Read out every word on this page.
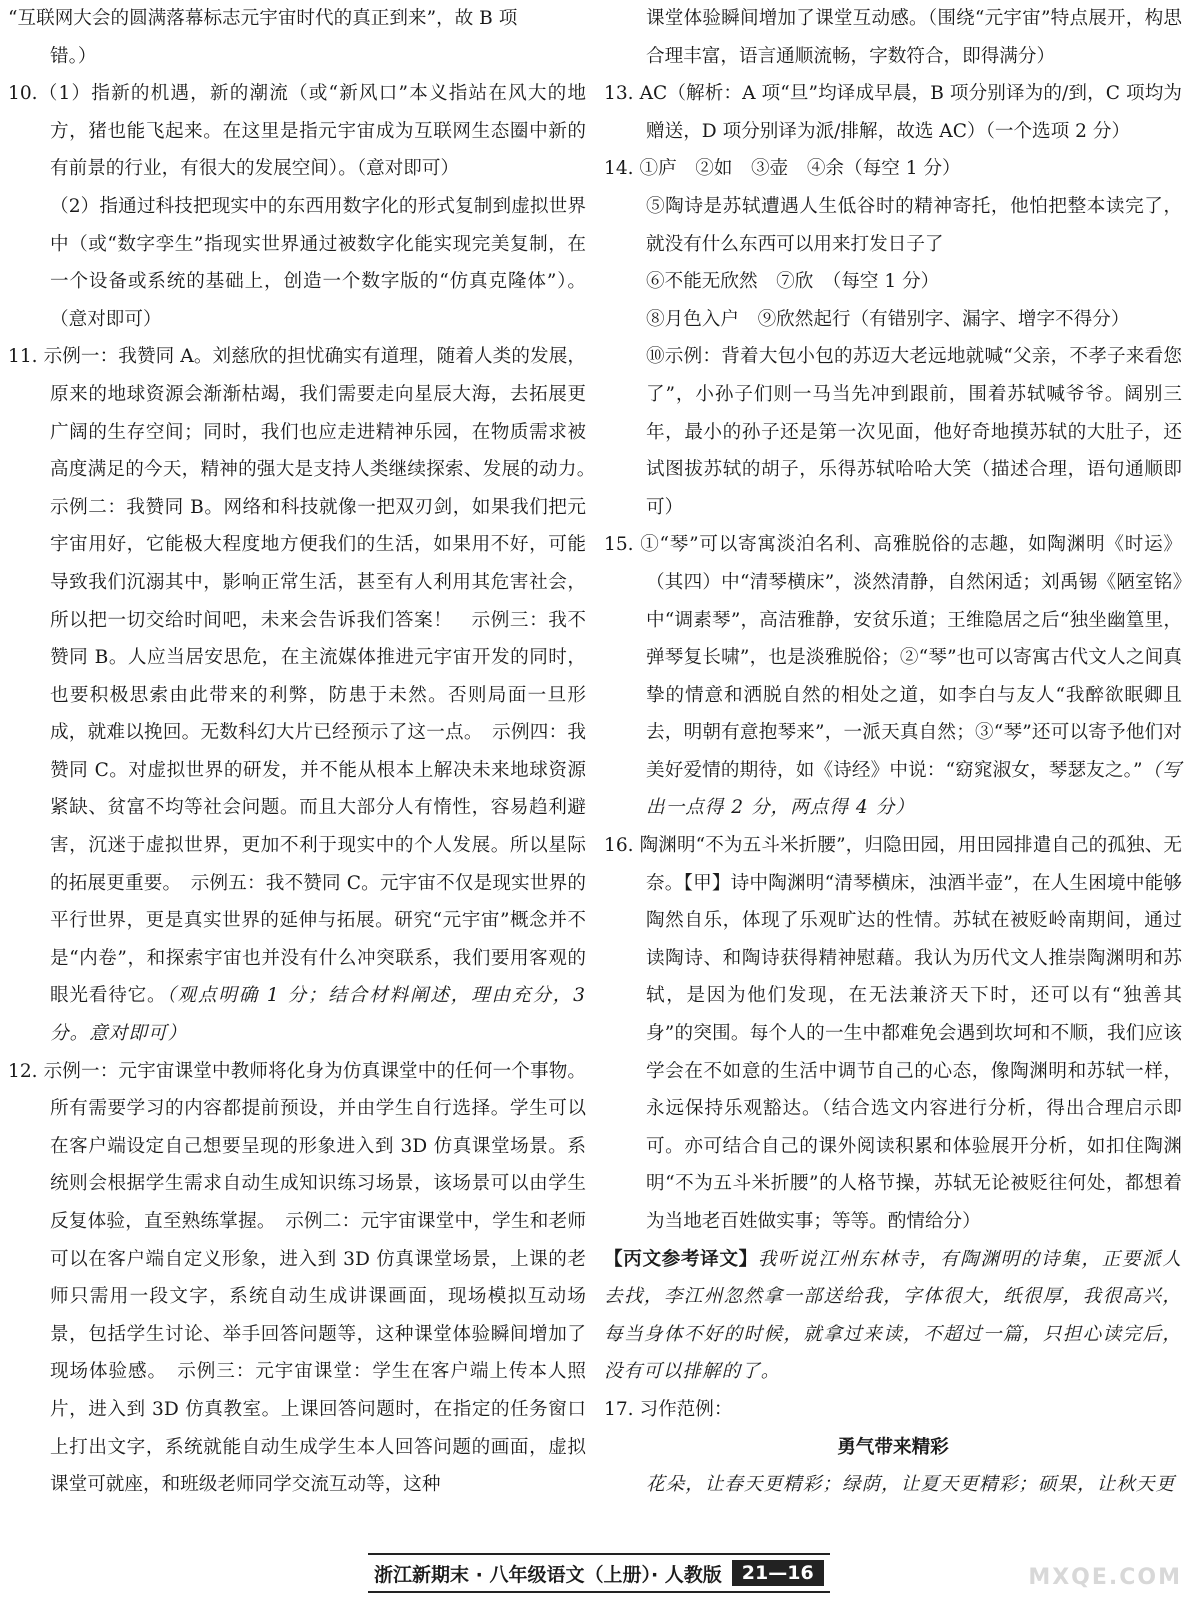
“互联网大会的圆满落幕标志元宇宙时代的真正到来”，故 B 项

错。）

10.（1）指新的机遇，新的潮流（或“新风口”本义指站在风大的地方，猪也能飞起来。在这里是指元宇宙成为互联网生态圈中新的有前景的行业，有很大的发展空间）。（意对即可）

（2）指通过科技把现实中的东西用数字化的形式复制到虚拟世界中（或“数字孪生”指现实世界通过被数字化能实现完美复制，在一个设备或系统的基础上，创造一个数字版的“仿真克隆体”）。（意对即可）

11. 示例一：我赞同 A。刘慈欣的担忧确实有道理，随着人类的发展，原来的地球资源会渐渐枯竭，我们需要走向星辰大海，去拓展更广阔的生存空间；同时，我们也应走进精神乐园，在物质需求被高度满足的今天，精神的强大是支持人类继续探索、发展的动力。　示例二：我赞同 B。网络和科技就像一把双刃剑，如果我们把元宇宙用好，它能极大程度地方便我们的生活，如果用不好，可能导致我们沉溺其中，影响正常生活，甚至有人利用其危害社会，所以把一切交给时间吧，未来会告诉我们答案！　示例三：我不赞同 B。人应当居安思危，在主流媒体推进元宇宙开发的同时，也要积极思索由此带来的利弊，防患于未然。否则局面一旦形成，就难以挽回。无数科幻大片已经预示了这一点。　示例四：我赞同 C。对虚拟世界的研发，并不能从根本上解决未来地球资源紧缺、贫富不均等社会问题。而且大部分人有惰性，容易趋利避害，沉迷于虚拟世界，更加不利于现实中的个人发展。所以星际的拓展更重要。　示例五：我不赞同 C。元宇宙不仅是现实世界的平行世界，更是真实世界的延伸与拓展。研究“元宇宙”概念并不是“内卷”，和探索宇宙也并没有什么冲突联系，我们要用客观的眼光看待它。（观点明确 1 分；结合材料阐述，理由充分，3 分。意对即可）

12. 示例一：元宇宙课堂中教师将化身为仿真课堂中的任何一个事物。所有需要学习的内容都提前预设，并由学生自行选择。学生可以在客户端设定自己想要呈现的形象进入到 3D 仿真课堂场景。系统则会根据学生需求自动生成知识练习场景，该场景可以由学生反复体验，直至熟练掌握。　示例二：元宇宙课堂中，学生和老师可以在客户端自定义形象，进入到 3D 仿真课堂场景，上课的老师只需用一段文字，系统自动生成讲课画面，现场模拟互动场景，包括学生讨论、举手回答问题等，这种课堂体验瞬间增加了现场体验感。　示例三：元宇宙课堂：学生在客户端上传本人照片，进入到 3D 仿真教室。上课回答问题时，在指定的任务窗口上打出文字，系统就能自动生成学生本人回答问题的画面，虚拟课堂可就座，和班级老师同学交流互动等，这种

课堂体验瞬间增加了课堂互动感。（围绕“元宇宙”特点展开，构思合理丰富，语言通顺流畅，字数符合，即得满分）

13. AC（解析：A 项“旦”均译成早晨，B 项分别译为的/到，C 项均为赠送，D 项分别译为派/排解，故选 AC）（一个选项 2 分）

14. ①庐　②如　③壶　④余（每空 1 分）

⑤陶诗是苏轼遭遇人生低谷时的精神寄托，他怕把整本读完了，就没有什么东西可以用来打发日子了

⑥不能无欣然　⑦欣　（每空 1 分）

⑧月色入户　⑨欣然起行（有错别字、漏字、增字不得分）

⑩示例：背着大包小包的苏迈大老远地就喊“父亲，不孝子来看您了”，小孙子们则一马当先冲到跟前，围着苏轼喊爷爷。阔别三年，最小的孙子还是第一次见面，他好奇地摸苏轼的大肚子，还试图拔苏轼的胡子，乐得苏轼哈哈大笑（描述合理，语句通顺即可）

15. ①“琴”可以寄寓淡泊名利、高雅脱俗的志趣，如陶渊明《时运》（其四）中“清琴横床”，淡然清静，自然闲适；刘禹锡《陋室铭》中“调素琴”，高洁雅静，安贫乐道；王维隐居之后“独坐幽篁里，弹琴复长啸”，也是淡雅脱俗；②“琴”也可以寄寓古代文人之间真挚的情意和洒脱自然的相处之道，如李白与友人“我醉欲眠卿且去，明朝有意抱琴来”，一派天真自然；③“琴”还可以寄予他们对美好爱情的期待，如《诗经》中说：“窈窕淑女，琴瑟友之。”（写出一点得 2 分，两点得 4 分）

16. 陶渊明“不为五斗米折腰”，归隐田园，用田园排遣自己的孤独、无奈。【甲】诗中陶渊明“清琴横床，浊酒半壶”，在人生困境中能够陶然自乐，体现了乐观旷达的性情。苏轼在被贬岭南期间，通过读陶诗、和陶诗获得精神慰藉。我认为历代文人推崇陶渊明和苏轼，是因为他们发现，在无法兼济天下时，还可以有“独善其身”的突围。每个人的一生中都难免会遇到坎坷和不顺，我们应该学会在不如意的生活中调节自己的心态，像陶渊明和苏轼一样，永远保持乐观豁达。（结合选文内容进行分析，得出合理启示即可。亦可结合自己的课外阅读积累和体验展开分析，如扣住陶渊明“不为五斗米折腰”的人格节操，苏轼无论被贬往何处，都想着为当地老百姓做实事；等等。酌情给分）

【丙文参考译文】我听说江州东林寺，有陶渊明的诗集，正要派人去找，李江州忽然拿一部送给我，字体很大，纸很厚，我很高兴，每当身体不好的时候，就拿过来读，不超过一篇，只担心读完后，没有可以排解的了。

17. 习作范例：

勇气带来精彩

花朵，让春天更精彩；绿荫，让夏天更精彩；硕果，让秋天更

浙江新期末 · 八年级语文（上册）· 人教版	21—16	MXQE.COM
